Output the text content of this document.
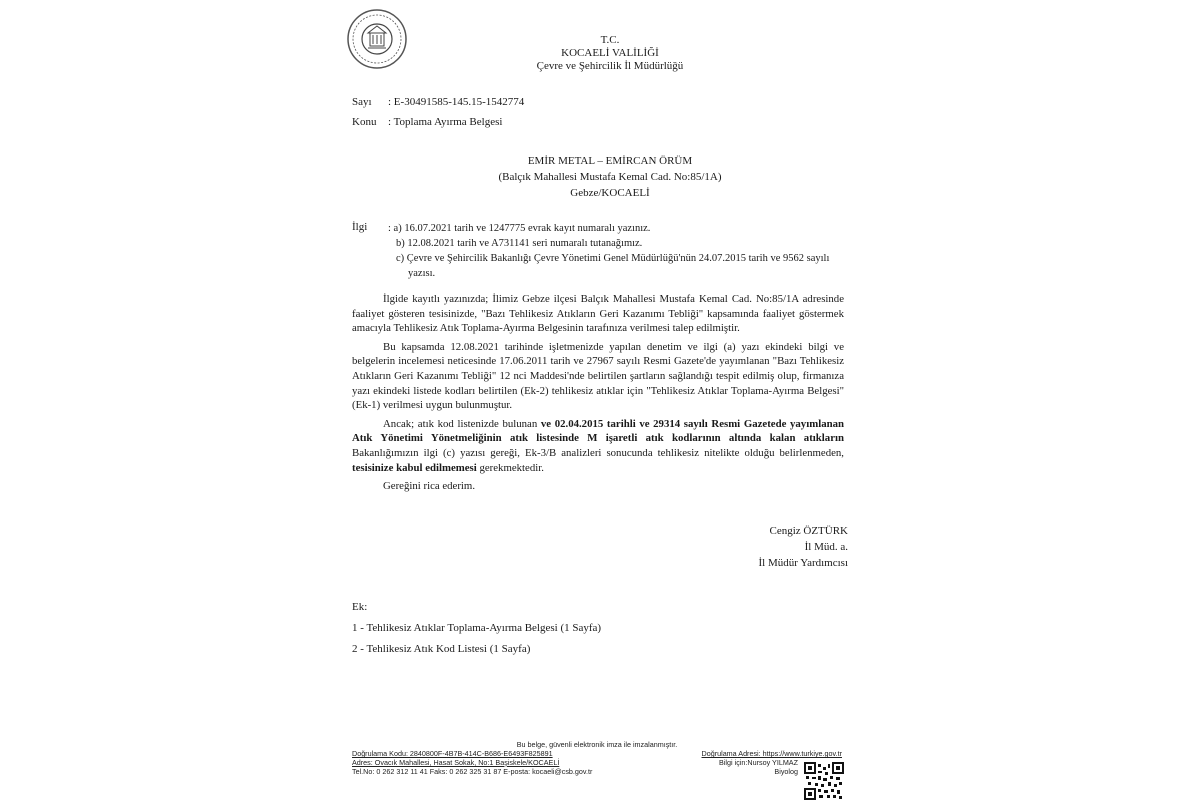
T.C.
KOCAELİ VALİLİĞİ
Çevre ve Şehircilik İl Müdürlüğü
Sayı : E-30491585-145.15-1542774
Konu : Toplama Ayırma Belgesi
EMİR METAL – EMİRCAN ÖRÜM
(Balçık Mahallesi Mustafa Kemal Cad. No:85/1A)
Gebze/KOCAELİ
İlgi : a) 16.07.2021 tarih ve 1247775 evrak kayıt numaralı yazınız.
b) 12.08.2021 tarih ve A731141 seri numaralı tutanağımız.
c) Çevre ve Şehircilik Bakanlığı Çevre Yönetimi Genel Müdürlüğü'nün 24.07.2015 tarih ve 9562 sayılı yazısı.

İlgide kayıtlı yazınızda; İlimiz Gebze ilçesi Balçık Mahallesi Mustafa Kemal Cad. No:85/1A adresinde faaliyet gösteren tesisinizde, "Bazı Tehlikesiz Atıkların Geri Kazanımı Tebliği" kapsamında faaliyet göstermek amacıyla Tehlikesiz Atık Toplama-Ayırma Belgesinin tarafınıza verilmesi talep edilmiştir.

Bu kapsamda 12.08.2021 tarihinde işletmenizde yapılan denetim ve ilgi (a) yazı ekindeki bilgi ve belgelerin incelemesi neticesinde 17.06.2011 tarih ve 27967 sayılı Resmi Gazete'de yayımlanan "Bazı Tehlikesiz Atıkların Geri Kazanımı Tebliği" 12 nci Maddesi'nde belirtilen şartların sağlandığı tespit edilmiş olup, firmanıza yazı ekindeki listede kodları belirtilen (Ek-2) tehlikesiz atıklar için "Tehlikesiz Atıklar Toplama-Ayırma Belgesi" (Ek-1) verilmesi uygun bulunmuştur.

Ancak; atık kod listenizde bulunan ve 02.04.2015 tarihli ve 29314 sayılı Resmi Gazetede yayımlanan Atık Yönetimi Yönetmeliğinin atık listesinde M işaretli atık kodlarının altında kalan atıkların Bakanlığımızın ilgi (c) yazısı gereği, Ek-3/B analizleri sonucunda tehlikesiz nitelikte olduğu belirlenmeden, tesisinize kabul edilmemesi gerekmektedir.

Gereğini rica ederim.

Cengiz ÖZTÜRK
İl Müd. a.
İl Müdür Yardımcısı
Ek:
1 - Tehlikesiz Atıklar Toplama-Ayırma Belgesi (1 Sayfa)
2 - Tehlikesiz Atık Kod Listesi (1 Sayfa)
Bu belge, güvenli elektronik imza ile imzalanmıştır.
Doğrulama Kodu: 2840800F-4B7B-414C-B686-E6493F825891	Doğrulama Adresi: https://www.turkiye.gov.tr
Adres: Ovacık Mahallesi, Hasat Sokak, No:1 Başiskele/KOCAELİ	Bilgi için:Nursoy YILMAZ
Tel.No: 0 262 312 11 41 Faks: 0 262 325 31 87 E-posta: kocaeli@csb.gov.tr	Biyolog
